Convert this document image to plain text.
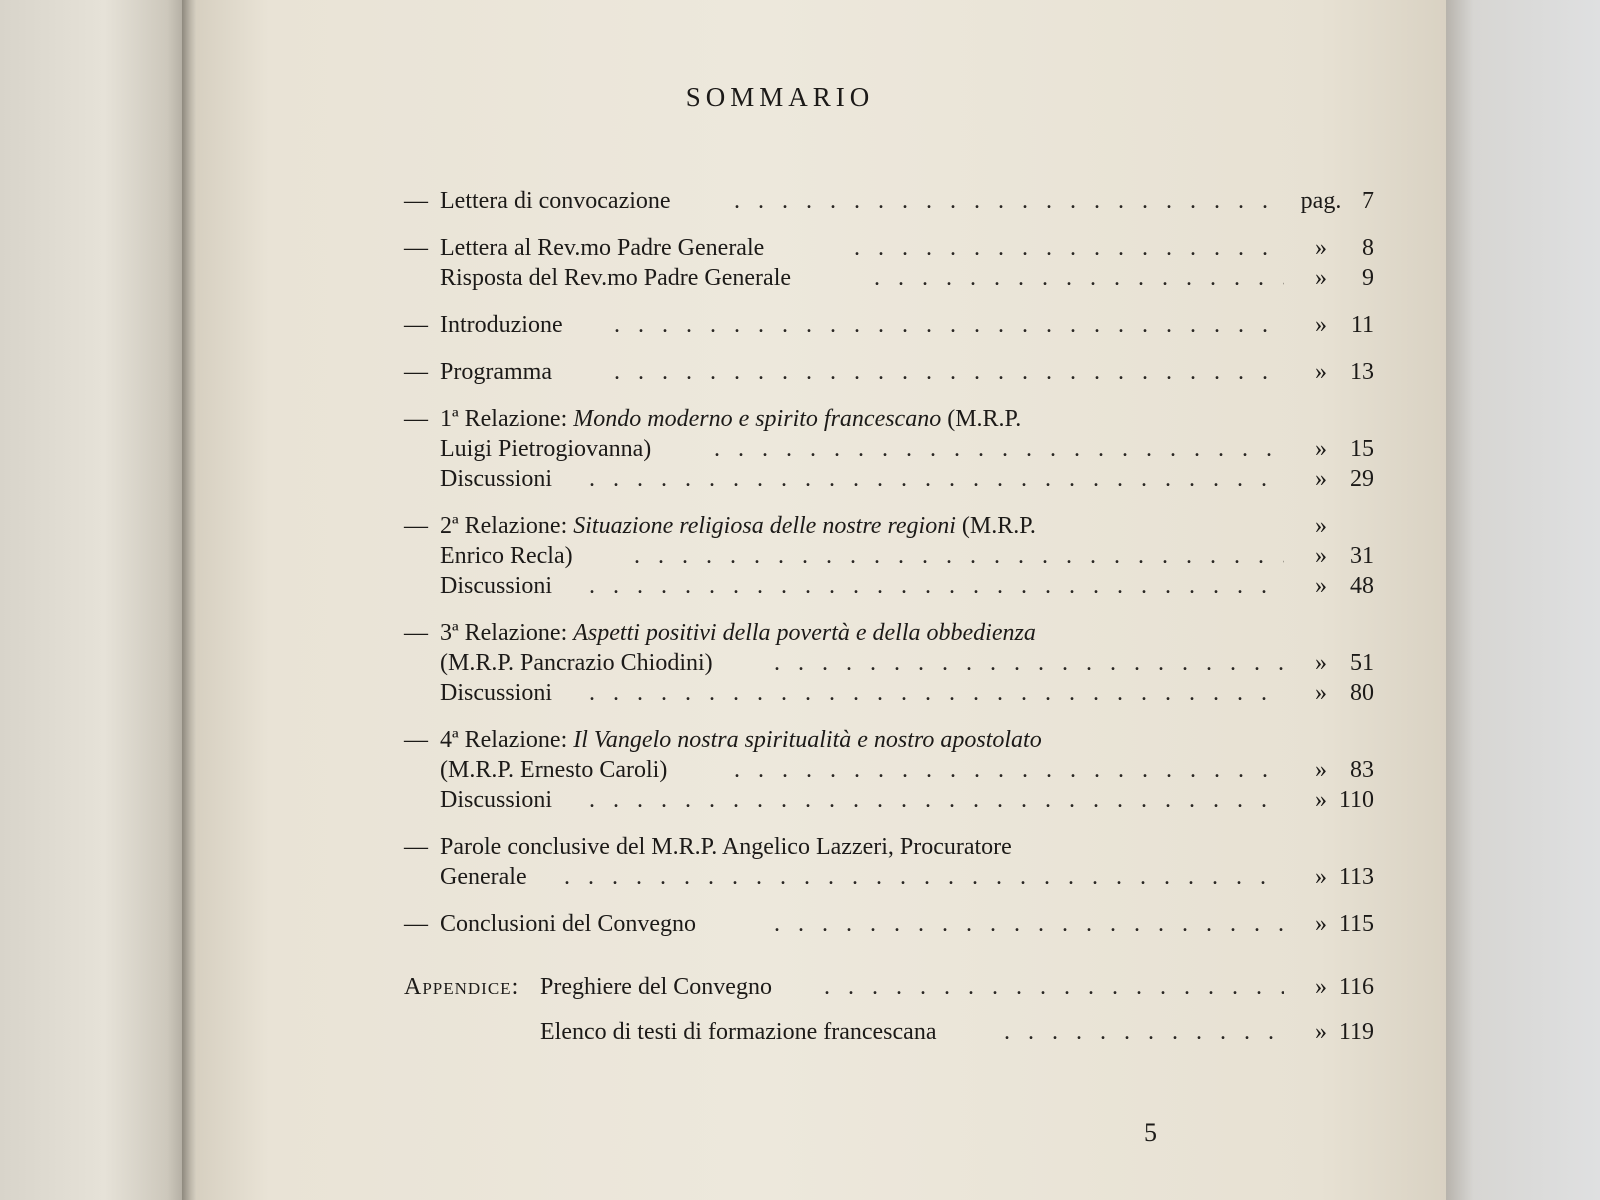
SOMMARIO
— Lettera di convocazione . . .	pag. 7
— Lettera al Rev.mo Padre Generale . . .	»	8
Risposta del Rev.mo Padre Generale . . .	»	9
— Introduzione . . .	» 11
— Programma . . .	» 13
— 1ª Relazione: Mondo moderno e spirito francescano (M.R.P.
Luigi Pietrogiovanna) . . .	» 15
Discussioni . . .	» 29
— 2ª Relazione: Situazione religiosa delle nostre regioni (M.R.P.	»
Enrico Recla) . . .	» 31
Discussioni . . .	» 48
— 3ª Relazione: Aspetti positivi della povertà e della obbedienza
(M.R.P. Pancrazio Chiodini) . . .	» 51
Discussioni . . .	» 80
— 4ª Relazione: Il Vangelo nostra spiritualità e nostro apostolato
(M.R.P. Ernesto Caroli) . . .	» 83
Discussioni . . .	» 110
— Parole conclusive del M.R.P. Angelico Lazzeri, Procuratore
Generale . . .	» 113
— Conclusioni del Convegno . . .	» 115
Appendice: Preghiere del Convegno . . .	» 116
Elenco di testi di formazione francescana . . .	» 119
5
